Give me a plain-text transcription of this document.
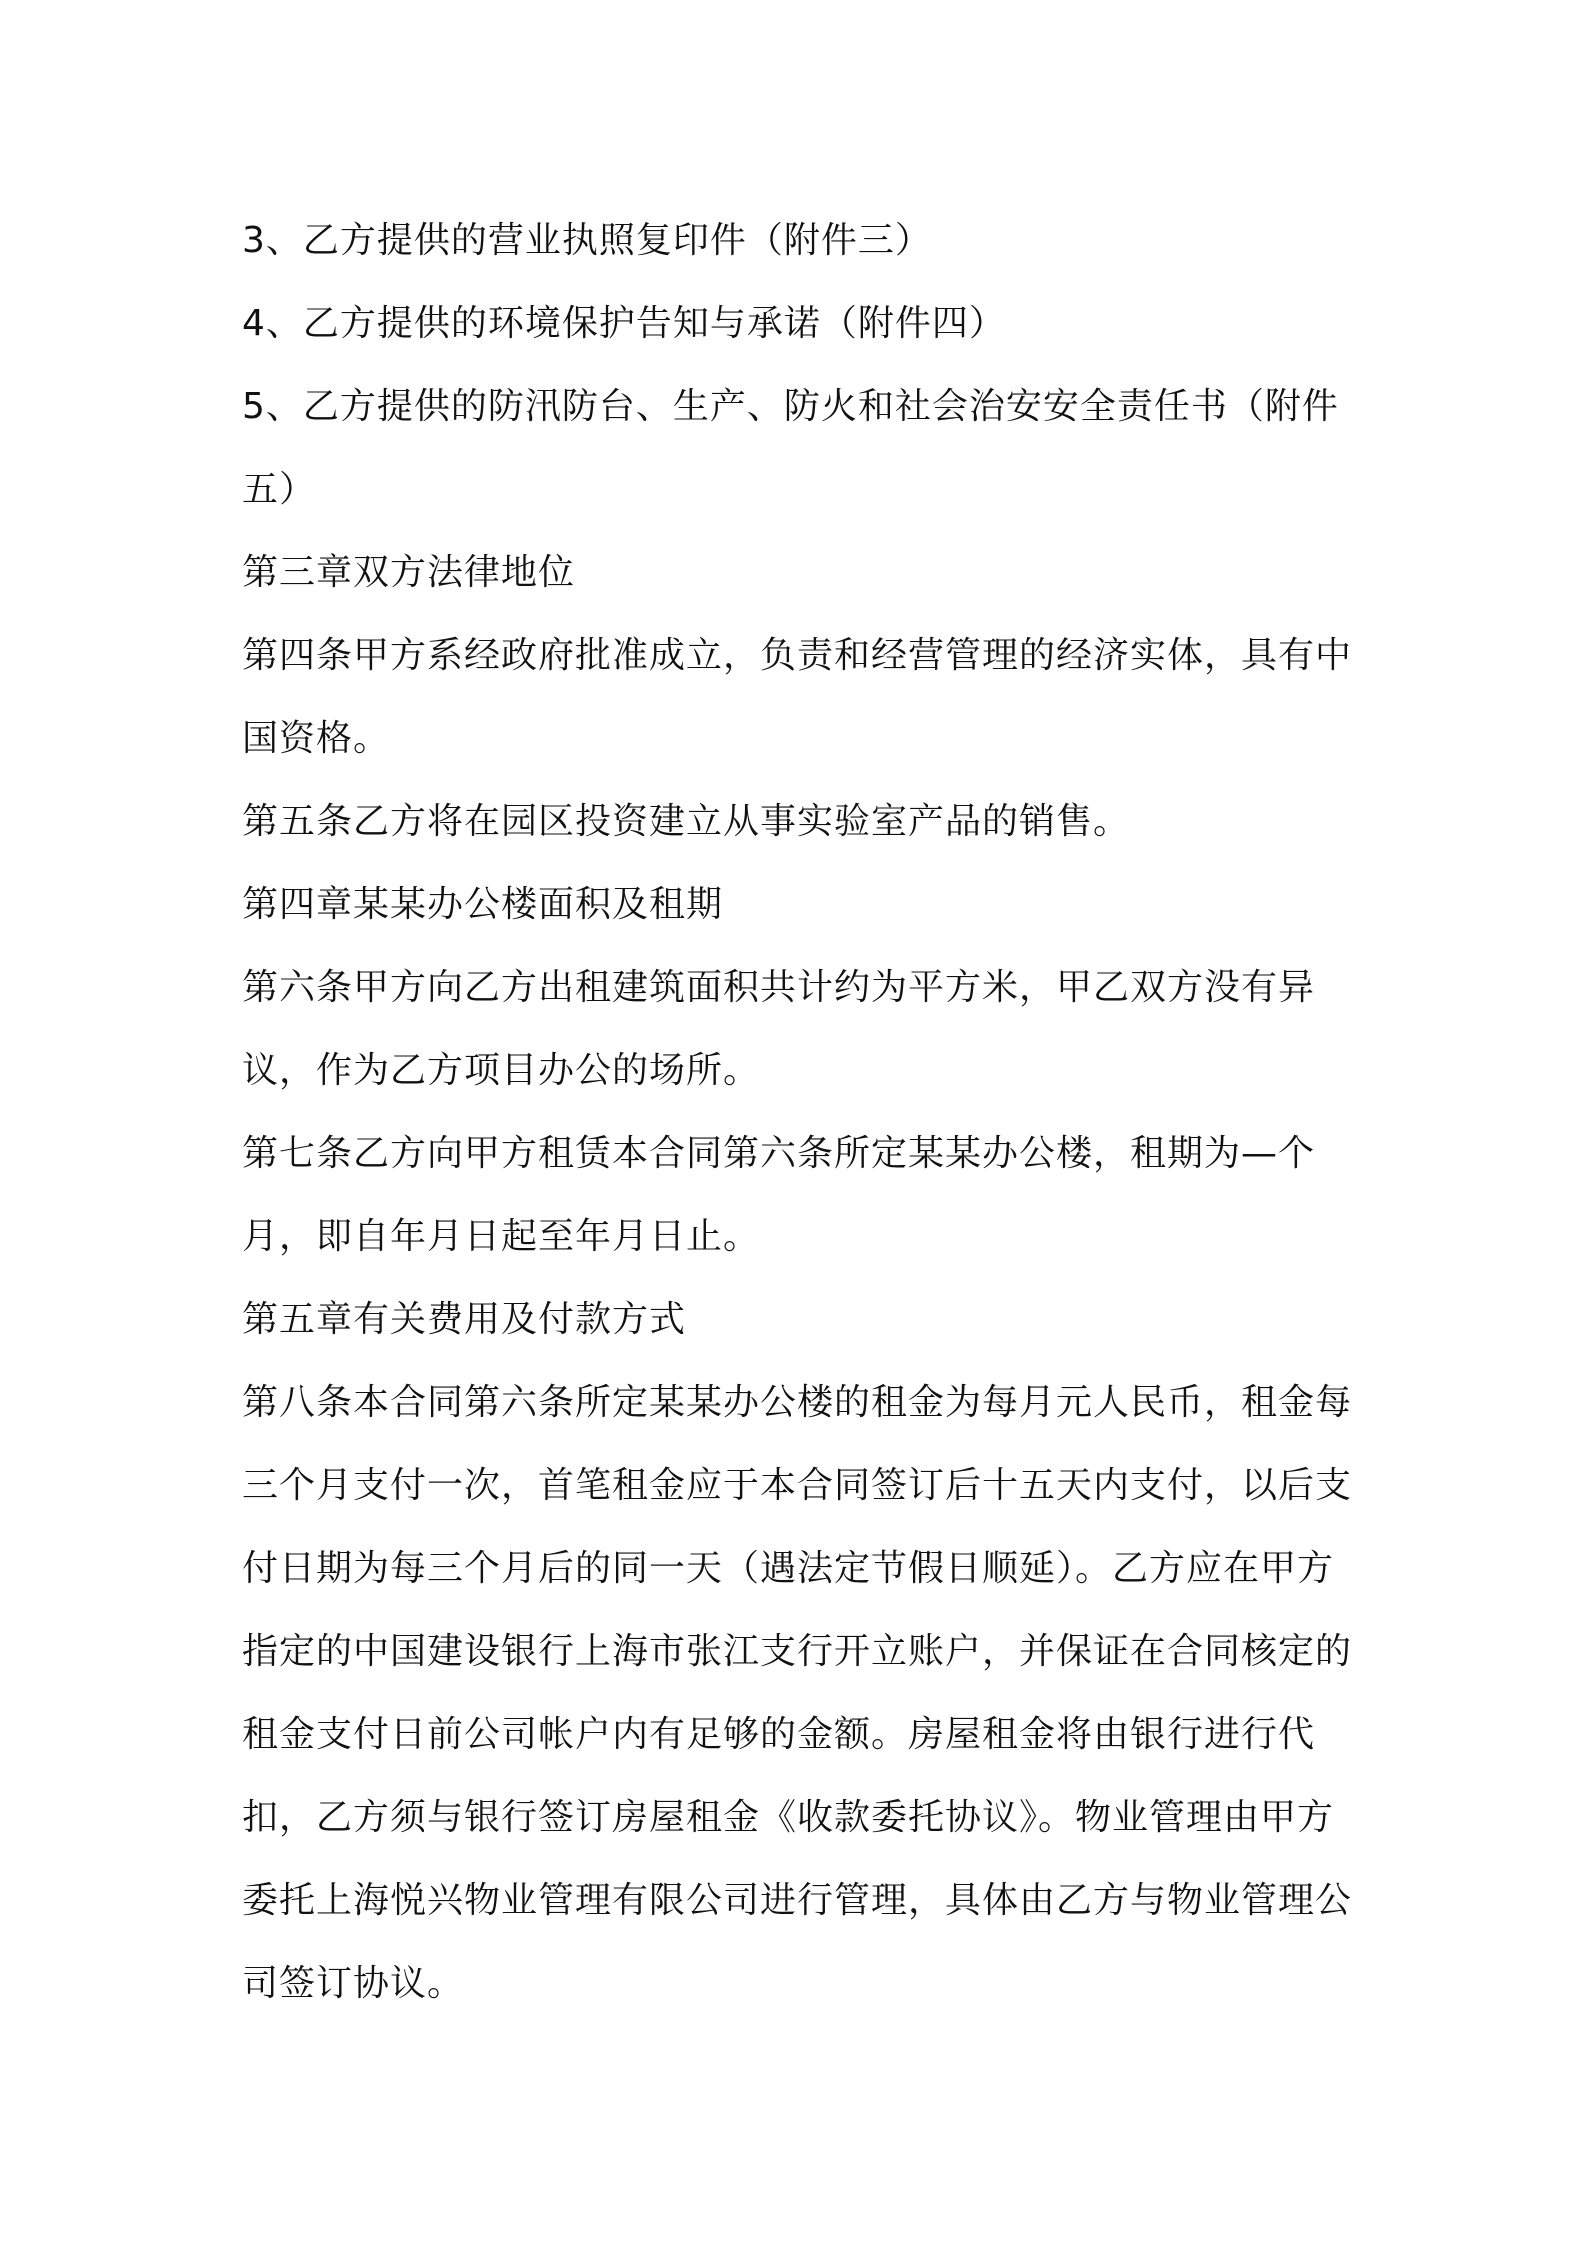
3、乙方提供的营业执照复印件（附件三）

4、乙方提供的环境保护告知与承诺（附件四）

5、乙方提供的防汛防台、生产、防火和社会治安安全责任书（附件五）

第三章双方法律地位

第四条甲方系经政府批准成立，负责和经营管理的经济实体，具有中国资格。

第五条乙方将在园区投资建立从事实验室产品的销售。

第四章某某办公楼面积及租期

第六条甲方向乙方出租建筑面积共计约为平方米，甲乙双方没有异议，作为乙方项目办公的场所。

第七条乙方向甲方租赁本合同第六条所定某某办公楼，租期为—个月，即自年月日起至年月日止。

第五章有关费用及付款方式

第八条本合同第六条所定某某办公楼的租金为每月元人民币，租金每三个月支付一次，首笔租金应于本合同签订后十五天内支付，以后支付日期为每三个月后的同一天（遇法定节假日顺延）。乙方应在甲方指定的中国建设银行上海市张江支行开立账户，并保证在合同核定的租金支付日前公司帐户内有足够的金额。房屋租金将由银行进行代扣，乙方须与银行签订房屋租金《收款委托协议》。物业管理由甲方委托上海悦兴物业管理有限公司进行管理，具体由乙方与物业管理公司签订协议。
